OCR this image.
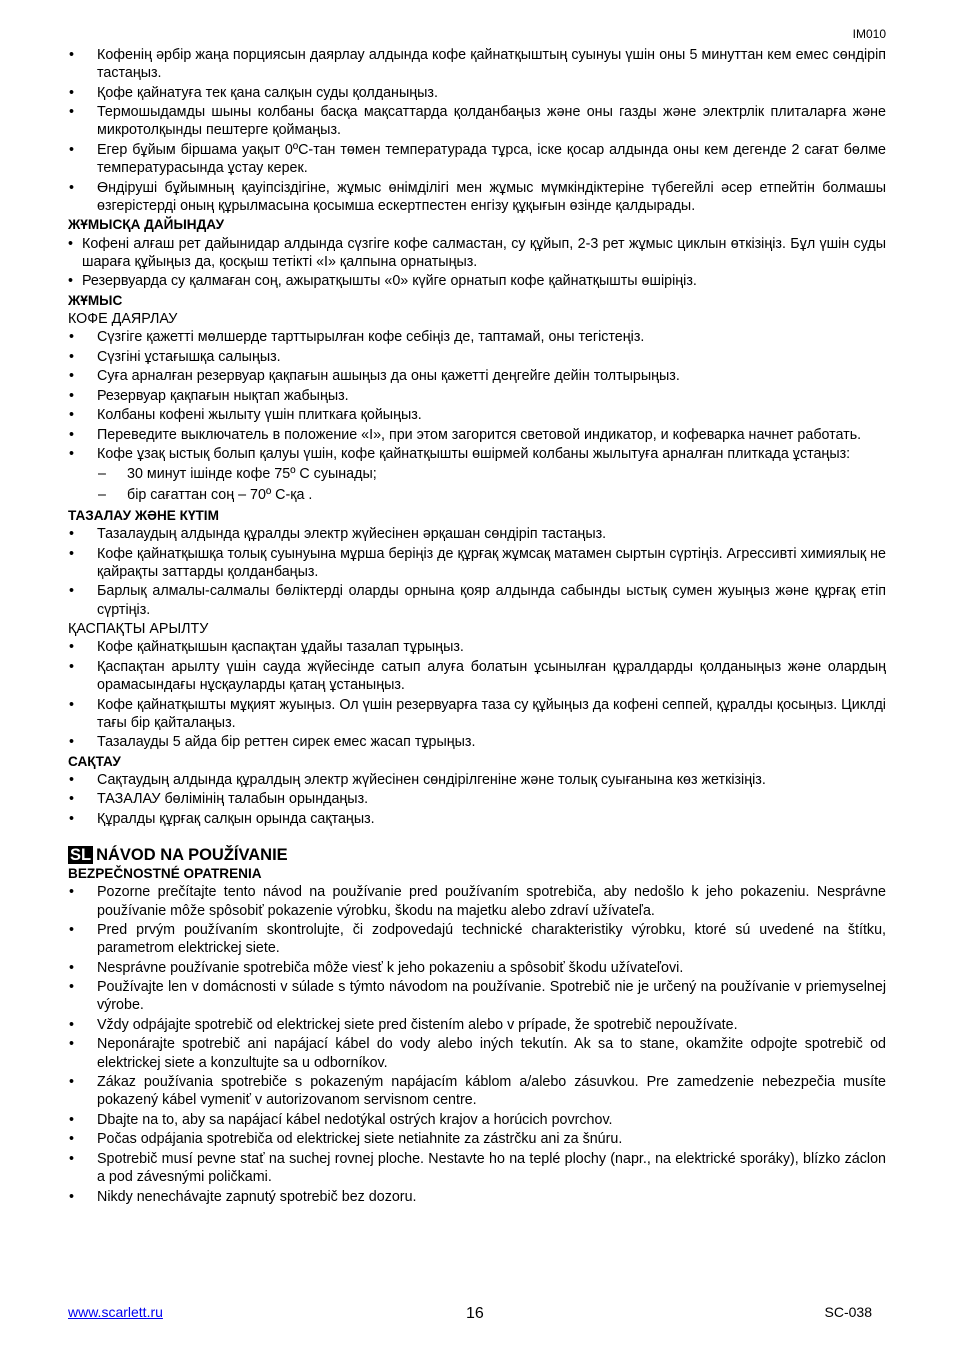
IM010
• Кофенің әрбір жаңа порциясын даярлау алдында кофе қайнатқыштың суынуы үшін оны 5 минуттан кем емес сөндіріп тастаңыз.
• Қофе қайнатуға тек қана салқын суды қолданыңыз.
• Термошыдамды шыны колбаны басқа мақсаттарда қолданбаңыз және оны газды және электрлік плиталарға және микротолқынды пештерге қоймаңыз.
• Егер бұйым біршама уақыт 0ºC-тан төмен температурада тұрса, іске қосар алдында оны кем дегенде 2 сағат бөлме температурасында ұстау керек.
• Өндіруші бұйымның қауіпсіздігіне, жұмыс өнімділігі мен жұмыс мүмкіндіктеріне түбегейлі әсер етпейтін болмашы өзгерістерді оның құрылмасына қосымша ескертпестен енгізу құқығын өзінде қалдырады.
ЖҰМЫСҚА ДАЙЫНДАУ
• Кофені алғаш рет дайынидар алдында сүзгіге кофе салмастан, су құйып, 2-3 рет жұмыс циклын өткізіңіз. Бұл үшін суды шараға құйыңыз да, қосқыш тетікті «I» қалпына орнатыңыз.
• Резервуарда су қалмаған соң, ажыратқышты «0» күйге орнатып кофе қайнатқышты өшіріңіз.
ЖҰМЫС
КОФЕ ДАЯРЛАУ
• Сүзгіге қажетті мөлшерде тарттырылған кофе себіңіз де, таптамай, оны тегістеңіз.
• Сүзгіні ұстағышқа салыңыз.
• Суға арналған резервуар қақпағын ашыңыз да оны қажетті деңгейге дейін толтырыңыз.
• Резервуар қақпағын нықтап жабыңыз.
• Колбаны кофені жылыту үшін плиткаға қойыңыз.
• Переведите выключатель в положение «I», при этом загорится световой индикатор, и кофеварка начнет работать.
• Кофе ұзақ ыстық болып қалуы үшін, кофе қайнатқышты өшірмей колбаны жылытуға арналған плиткада ұстаңыз:
– 30 минут ішінде кофе 75º С суынады;
– бір сағаттан соң – 70º С-қа .
ТАЗАЛАУ ЖӘНЕ КҮТІМ
• Тазалаудың алдында құралды электр жүйесінен әрқашан сөндіріп тастаңыз.
• Кофе қайнатқышқа толық суынуына мұрша беріңіз де құрғақ жұмсақ матамен сыртын сүртіңіз. Агрессивті химиялық не қайрақты заттарды қолданбаңыз.
• Барлық алмалы-салмалы бөліктерді оларды орнына қояр алдында сабынды ыстық сумен жуыңыз және құрғақ етіп сүртіңіз.
ҚАСПАҚТЫ АРЫЛТУ
• Кофе қайнатқышын қаспақтан ұдайы тазалап тұрыңыз.
• Қаспақтан арылту үшін сауда жүйесінде сатып алуға болатын ұсынылған құралдарды қолданыңыз және олардың орамасындағы нұсқауларды қатаң ұстаныңыз.
• Кофе қайнатқышты мұқият жуыңыз. Ол үшін резервуарға таза су құйыңыз да кофені сеппей, құралды қосыңыз. Циклді тағы бір қайталаңыз.
• Тазалауды 5 айда бір реттен сирек емес жасап тұрыңыз.
САҚТАУ
• Сақтаудың алдында құралдың электр жүйесінен сөндірілгеніне және толық суығанына көз жеткізіңіз.
• ТАЗАЛАУ бөлімінің талабын орындаңыз.
• Құралды құрғақ салқын орында сақтаңыз.
SL NÁVOD NA POUŽÍVANIE
BEZPEČNOSTNÉ OPATRENIA
• Pozorne prečítajte tento návod na používanie pred používaním spotrebiča, aby nedošlo k jeho pokazeniu. Nesprávne používanie môže spôsobiť pokazenie výrobku, škodu na majetku alebo zdraví užívateľa.
• Pred prvým používaním skontrolujte, či zodpovedajú technické charakteristiky výrobku, ktoré sú uvedené na štítku, parametrom elektrickej siete.
• Nesprávne používanie spotrebiča môže viesť k jeho pokazeniu a spôsobiť škodu užívateľovi.
• Používajte len v domácnosti v súlade s týmto návodom na používanie. Spotrebič nie je určený na používanie v priemyselnej výrobe.
• Vždy odpájajte spotrebič od elektrickej siete pred čistením alebo v prípade, že spotrebič nepoužívate.
• Neponárajte spotrebič ani napájací kábel do vody alebo iných tekutín. Ak sa to stane, okamžite odpojte spotrebič od elektrickej siete a konzultujte sa u odborníkov.
• Zákaz používania spotrebiče s pokazeným napájacím káblom a/alebo zásuvkou. Pre zamedzenie nebezpečia musíte pokazený kábel vymeniť v autorizovanom servisnom centre.
• Dbajte na to, aby sa napájací kábel nedotýkal ostrých krajov a horúcich povrchov.
• Počas odpájania spotrebiča od elektrickej siete netiahnite za zástrčku ani za šnúru.
• Spotrebič musí pevne stať na suchej rovnej ploche. Nestavte ho na teplé plochy (napr., na elektrické sporáky), blízko záclon a pod závesnými poličkami.
• Nikdy nenechávajte zapnutý spotrebič bez dozoru.
www.scarlett.ru	16	SC-038
